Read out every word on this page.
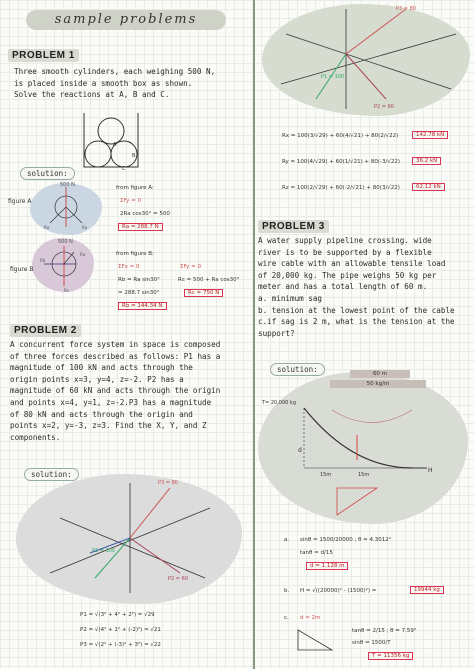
sample problems
PROBLEM 1
Three smooth cylinders, each weighing 500 N,
is placed inside a smooth box as shown.
Solve the reactions at A, B and C.
A
B
C
solution:
figure A
500 N
Ra	Ra
figure B
500 N
Ra
Rb
Rc
from figure A:
ΣFy = 0
2Ra cos30° = 500
Ra = 288.7 N
from figure B:
ΣFx = 0	ΣFy = 0
Rb = Ra sin30°	Rc = 500 + Ra cos30°
= 288.7 sin30°	Rc = 750 N
Rb = 144.34 N
PROBLEM 2
A concurrent force system in space is composed
of three forces described as follows: P1 has a
magnitude of 100 kN and acts through the
origin points x=3, y=4, z=-2. P2 has a
magnitude of 60 kN and acts through the origin
and points x=4, y=1, z=-2.P3 has a magnitude
of 80 kN and acts through the origin and
points x=2, y=-3, z=3. Find the X, Y, and Z
components.
solution:
P3 = 80
P1 = 100
P2 = 60
P1 = √(3² + 4² + 2²) = √29
P2 = √(4² + 1² + (-2)²) = √21
P3 = √(2² + (-3)² + 3²) = √22
P3 = 80
P1 = 100
P2 = 60
Rx = 100(3/√29) + 60(4/√21) + 80(2/√22)	142.78 kN
Ry = 100(4/√29) + 60(1/√21) + 80(-3/√22)	36.2 kN
Rz = 100(2/√29) + 60(-2/√21) + 80(3/√22)	62.12 kN
PROBLEM 3
A water supply pipeline crossing. wide
river is to be supported by a flexible
wire cable with an allowable tensile load
of 20,000 kg. The pipe weighs 50 kg per
meter and has a total length of 60 m.
a. minimum sag
b. tension at the lowest point of the cable
c.if sag is 2 m, what is the tension at the
support?
solution:	60 m
50 kg/m
T= 20,000 kg
d
H
15m	15m
a. sinθ = 1500/20000 ; θ = 4.3012°
tanθ = d/15
d = 1.128 m
b. H = √((20000)² - (1500)²) =	19944 kg
c. d = 2m
tanθ = 2/15 ; θ = 7.59°
sinθ = 1500/T
T = 11356 kg
